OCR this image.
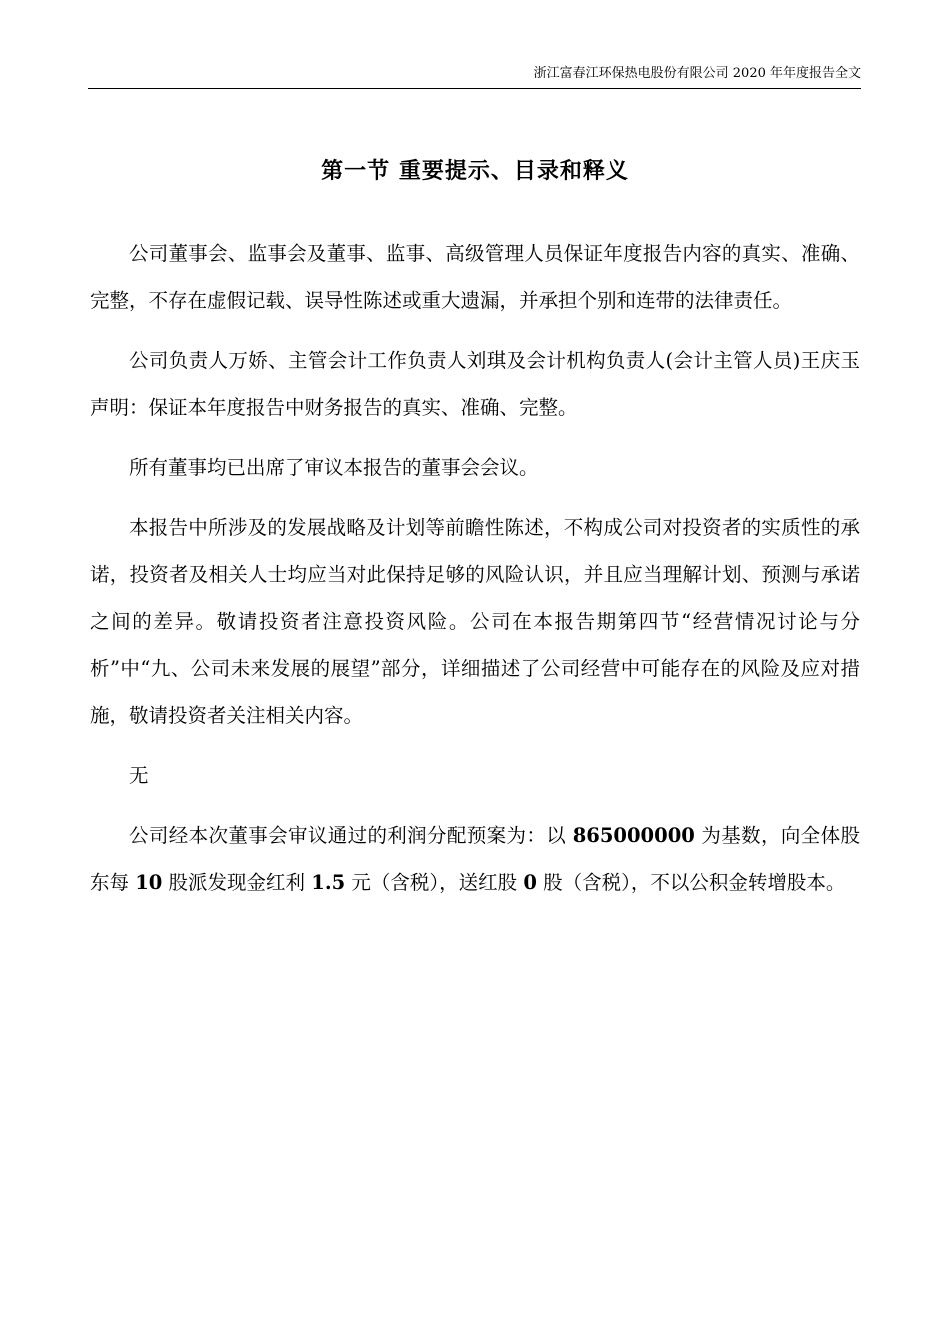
浙江富春江环保热电股份有限公司 2020 年年度报告全文
第一节 重要提示、目录和释义

公司董事会、监事会及董事、监事、高级管理人员保证年度报告内容的真实、准确、完整，不存在虚假记载、误导性陈述或重大遗漏，并承担个别和连带的法律责任。

公司负责人万娇、主管会计工作负责人刘琪及会计机构负责人(会计主管人员)王庆玉声明：保证本年度报告中财务报告的真实、准确、完整。

所有董事均已出席了审议本报告的董事会会议。

本报告中所涉及的发展战略及计划等前瞻性陈述，不构成公司对投资者的实质性的承诺，投资者及相关人士均应当对此保持足够的风险认识，并且应当理解计划、预测与承诺之间的差异。敬请投资者注意投资风险。公司在本报告期第四节“经营情况讨论与分析”中“九、公司未来发展的展望”部分，详细描述了公司经营中可能存在的风险及应对措施，敬请投资者关注相关内容。

无

公司经本次董事会审议通过的利润分配预案为：以 865000000 为基数，向全体股东每 10 股派发现金红利 1.5 元（含税），送红股 0 股（含税），不以公积金转增股本。
